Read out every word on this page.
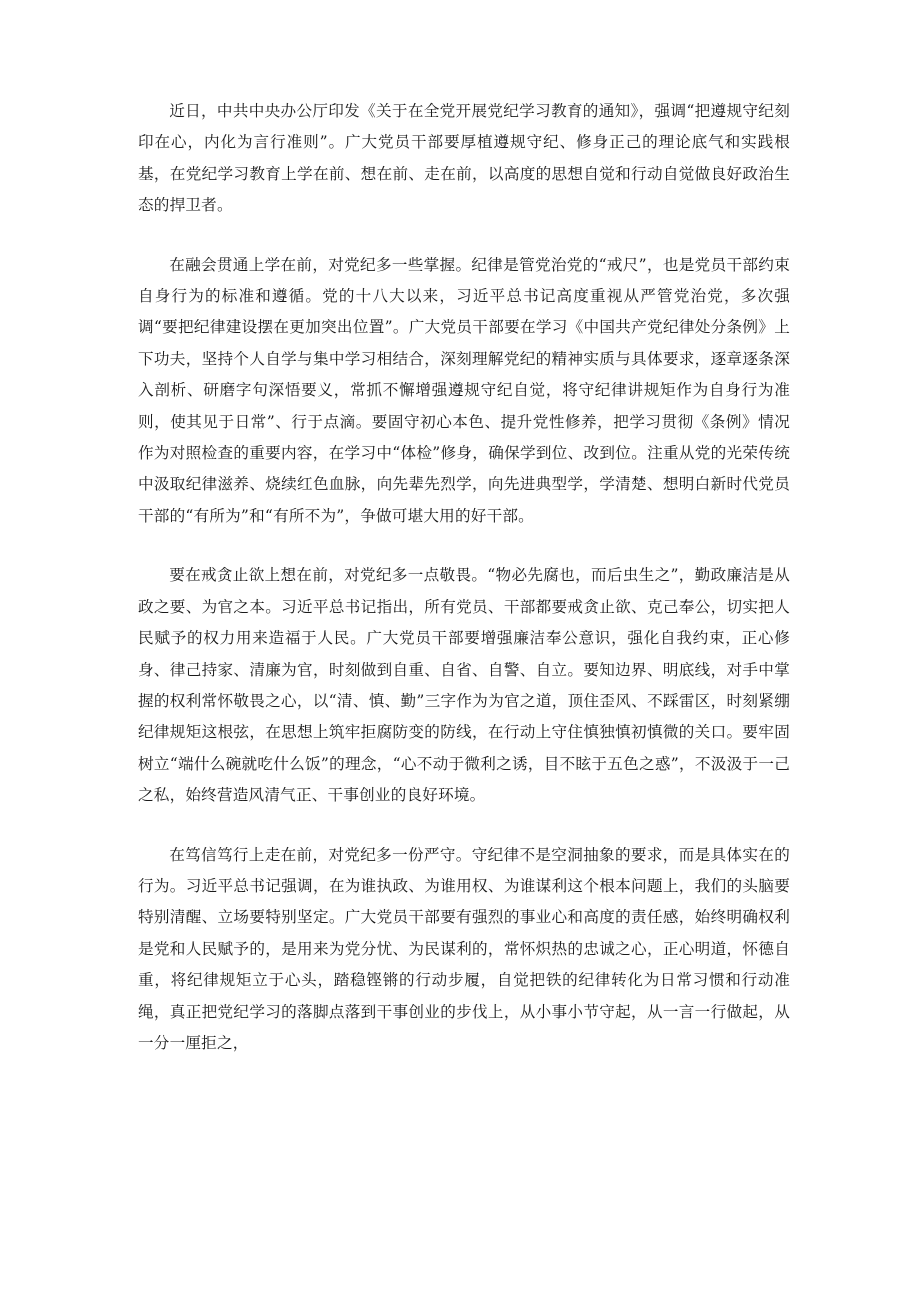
近日，中共中央办公厅印发《关于在全党开展党纪学习教育的通知》，强调“把遵规守纪刻印在心，内化为言行准则”。广大党员干部要厚植遵规守纪、修身正己的理论底气和实践根基，在党纪学习教育上学在前、想在前、走在前，以高度的思想自觉和行动自觉做良好政治生态的捍卫者。

在融会贯通上学在前，对党纪多一些掌握。纪律是管党治党的“戒尺”，也是党员干部约束自身行为的标准和遵循。党的十八大以来，习近平总书记高度重视从严管党治党，多次强调“要把纪律建设摆在更加突出位置”。广大党员干部要在学习《中国共产党纪律处分条例》上下功夫，坚持个人自学与集中学习相结合，深刻理解党纪的精神实质与具体要求，逐章逐条深入剖析、研磨字句深悟要义，常抓不懈增强遵规守纪自觉，将守纪律讲规矩作为自身行为准则，使其见于日常”、行于点滴。要固守初心本色、提升党性修养，把学习贯彻《条例》情况作为对照检查的重要内容，在学习中“体检”修身，确保学到位、改到位。注重从党的光荣传统中汲取纪律滋养、烧续红色血脉，向先辈先烈学，向先进典型学，学清楚、想明白新时代党员干部的“有所为”和“有所不为”，争做可堪大用的好干部。

要在戒贪止欲上想在前，对党纪多一点敬畏。“物必先腐也，而后虫生之”，勤政廉洁是从政之要、为官之本。习近平总书记指出，所有党员、干部都要戒贪止欲、克己奉公，切实把人民赋予的权力用来造福于人民。广大党员干部要增强廉洁奉公意识，强化自我约束，正心修身、律己持家、清廉为官，时刻做到自重、自省、自警、自立。要知边界、明底线，对手中掌握的权利常怀敬畏之心，以“清、慎、勤”三字作为为官之道，顶住歪风、不踩雷区，时刻紧绷纪律规矩这根弦，在思想上筑牢拒腐防变的防线，在行动上守住慎独慎初慎微的关口。要牢固树立“端什么碗就吃什么饭”的理念，“心不动于微利之诱，目不眩于五色之惑”，不汲汲于一己之私，始终营造风清气正、干事创业的良好环境。

在笃信笃行上走在前，对党纪多一份严守。守纪律不是空洞抽象的要求，而是具体实在的行为。习近平总书记强调，在为谁执政、为谁用权、为谁谋利这个根本问题上，我们的头脑要特别清醒、立场要特别坚定。广大党员干部要有强烈的事业心和高度的责任感，始终明确权利是党和人民赋予的，是用来为党分忧、为民谋利的，常怀炽热的忠诚之心，正心明道，怀德自重，将纪律规矩立于心头，踏稳铿锵的行动步履，自觉把铁的纪律转化为日常习惯和行动准绳，真正把党纪学习的落脚点落到干事创业的步伐上，从小事小节守起，从一言一行做起，从一分一厘拒之，
